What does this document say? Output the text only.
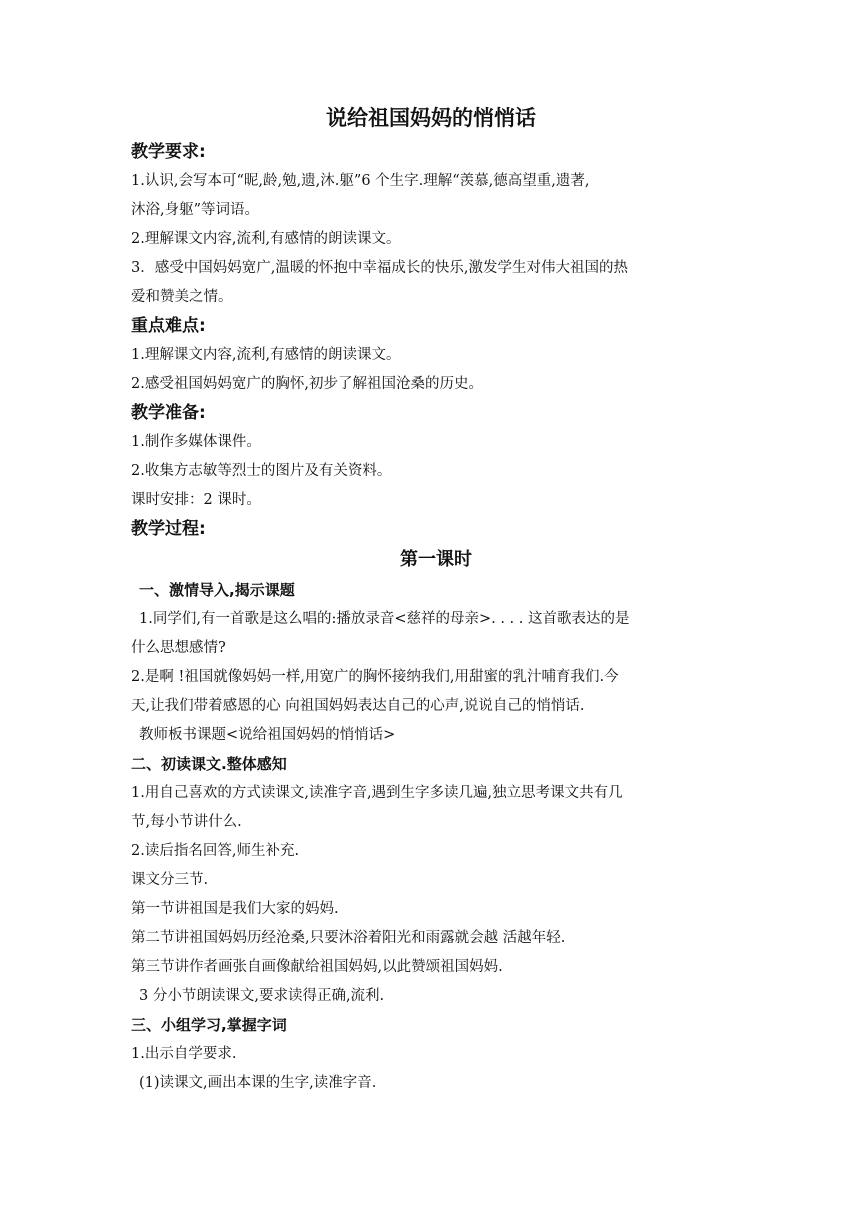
说给祖国妈妈的悄悄话
教学要求:
1.认识,会写本可“昵,龄,勉,遗,沐.躯”6 个生字.理解“羡慕,德高望重,遗著,
沐浴,身躯”等词语。
2.理解课文内容,流利,有感情的朗读课文。
3．感受中国妈妈宽广,温暖的怀抱中幸福成长的快乐,激发学生对伟大祖国的热
爱和赞美之情。
重点难点:
1.理解课文内容,流利,有感情的朗读课文。
2.感受祖国妈妈宽广的胸怀,初步了解祖国沧桑的历史。
教学准备:
1.制作多媒体课件。
2.收集方志敏等烈士的图片及有关资料。
课时安排：2 课时。
教学过程:
第一课时
一、激情导入,揭示课题
1.同学们,有一首歌是这么唱的:播放录音<慈祥的母亲>. . . . 这首歌表达的是
什么思想感情?
2.是啊 !祖国就像妈妈一样,用宽广的胸怀接纳我们,用甜蜜的乳汁哺育我们.今
天,让我们带着感恩的心 向祖国妈妈表达自己的心声,说说自己的悄悄话.
教师板书课题<说给祖国妈妈的悄悄话>
二、初读课文.整体感知
1.用自己喜欢的方式读课文,读准字音,遇到生字多读几遍,独立思考课文共有几
节,每小节讲什么.
2.读后指名回答,师生补充.
课文分三节.
第一节讲祖国是我们大家的妈妈.
第二节讲祖国妈妈历经沧桑,只要沐浴着阳光和雨露就会越 活越年轻.
第三节讲作者画张自画像献给祖国妈妈,以此赞颂祖国妈妈.
3 分小节朗读课文,要求读得正确,流利.
三、小组学习,掌握字词
1.出示自学要求.
(1)读课文,画出本课的生字,读准字音.
